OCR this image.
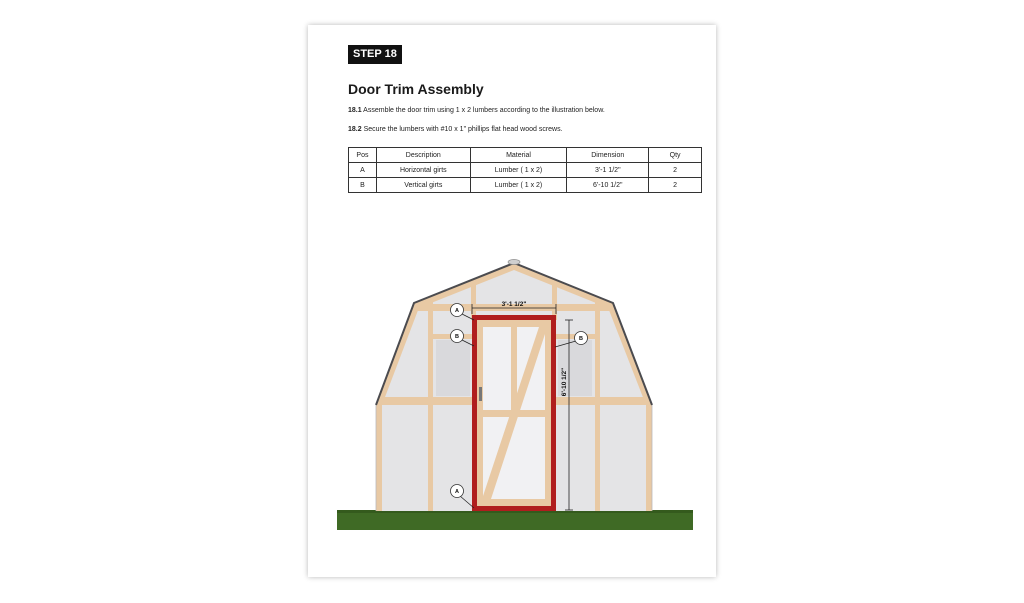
STEP 18
Door Trim Assembly
18.1 Assemble the door trim using 1 x 2 lumbers according to the illustration below.
18.2 Secure the lumbers with #10 x 1" phillips flat head wood screws.
Pos	Description	Material	Dimension	Qty
A	Horizontal girts	Lumber ( 1 x 2)	3'-1 1/2"	2
B	Vertical girts	Lumber ( 1 x 2)	6'-10 1/2"	2
3'-1 1/2"
6'-10 1/2"
A
B	B
A
